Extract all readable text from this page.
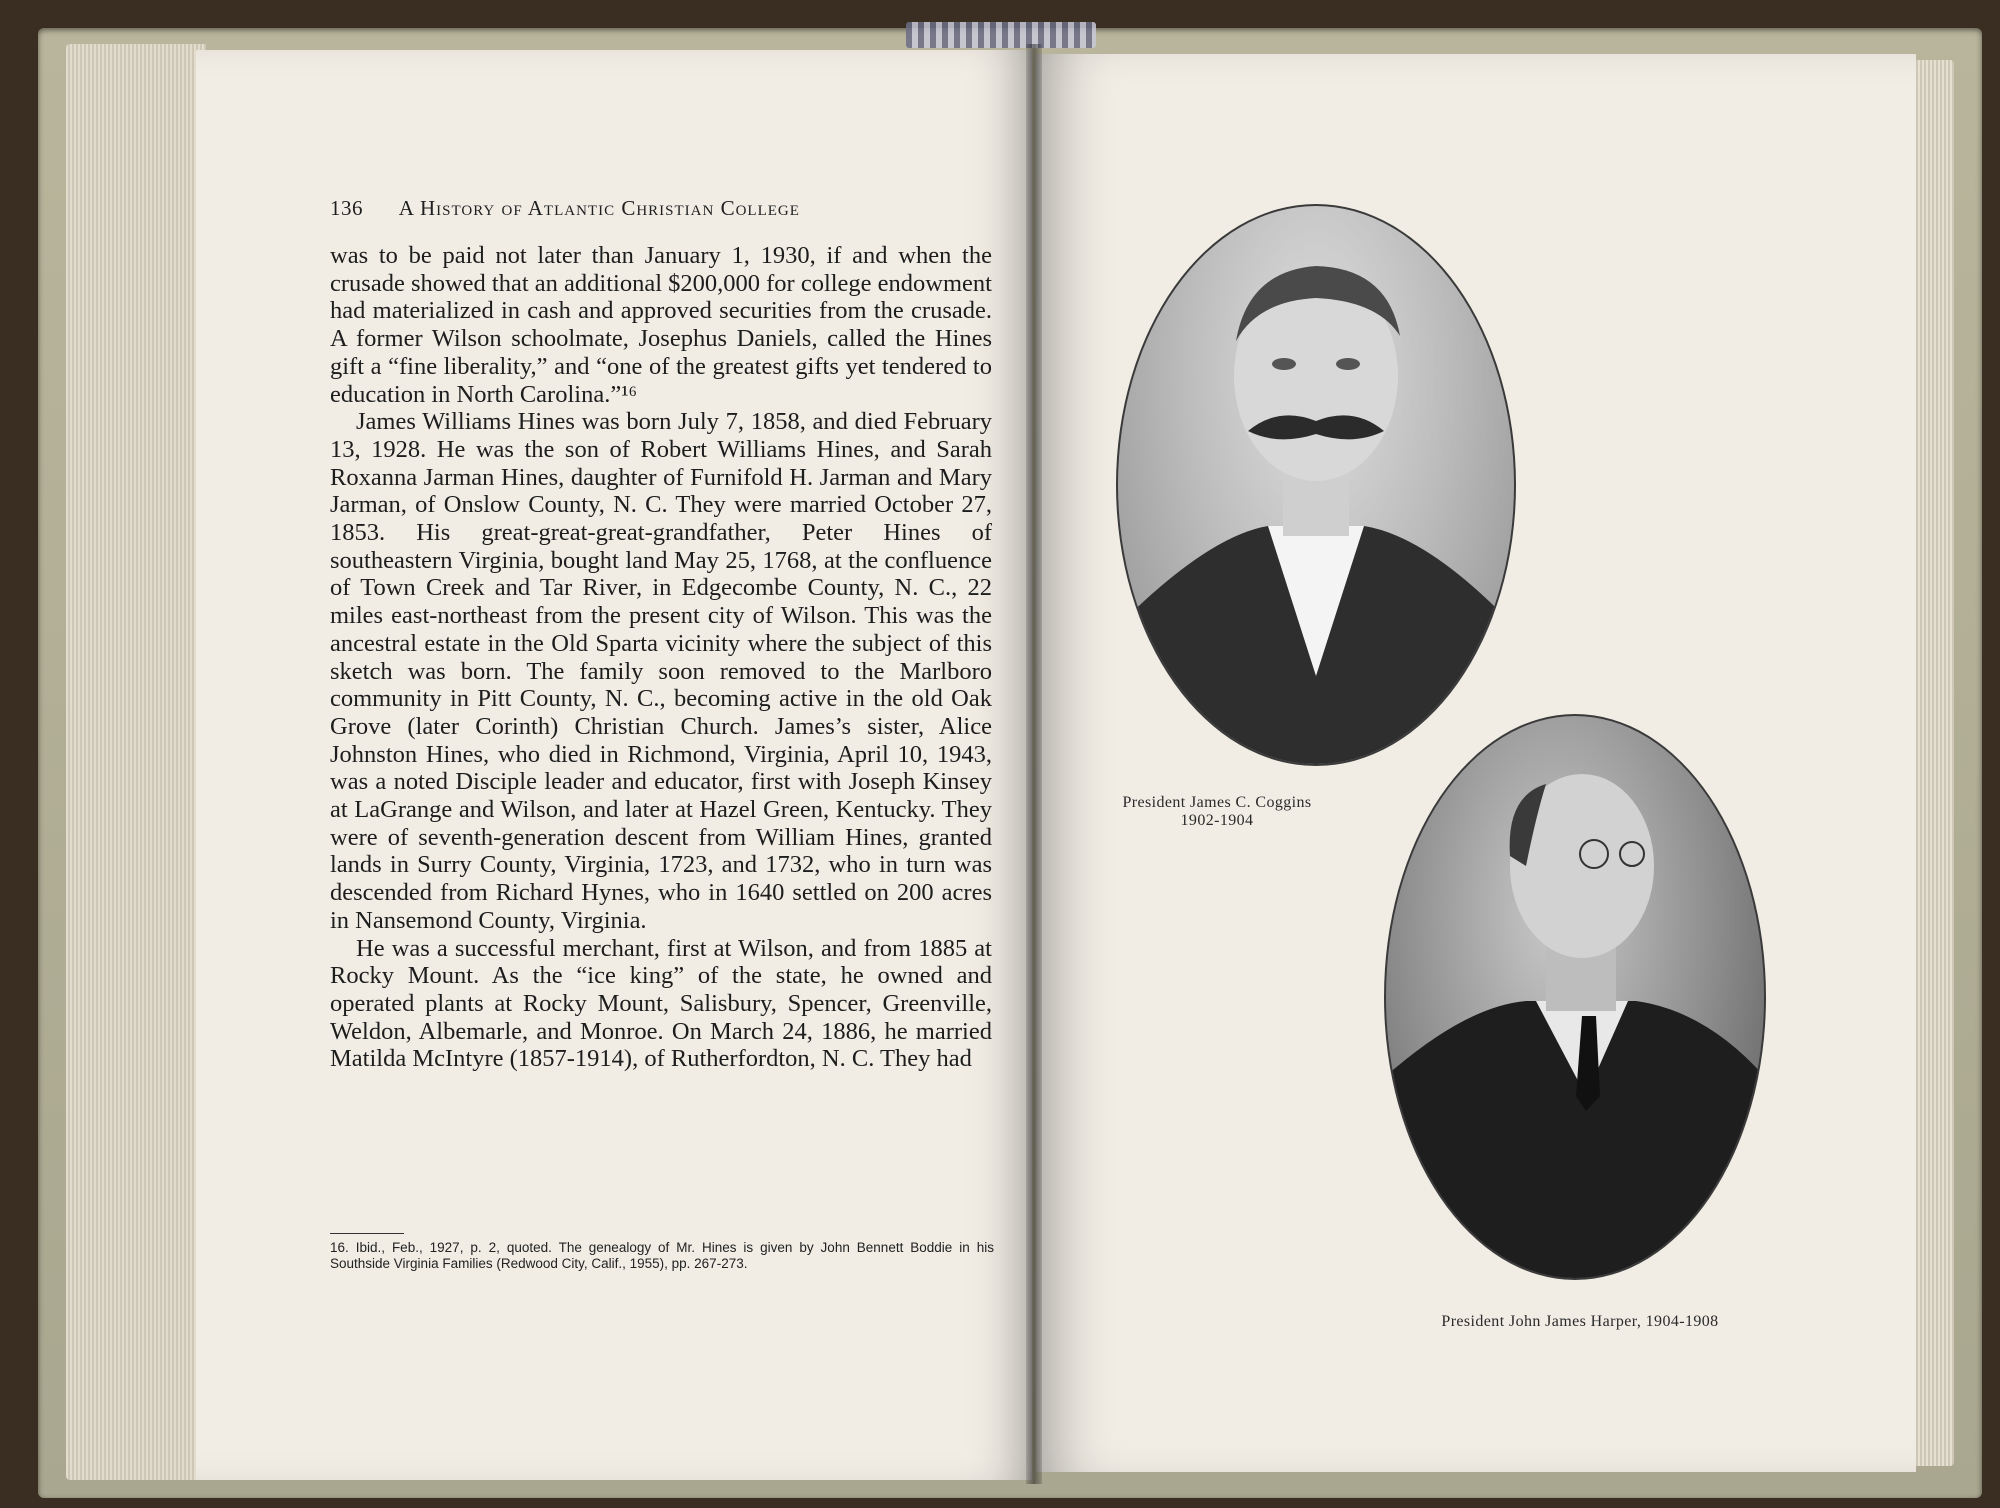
136 A History of Atlantic Christian College

was to be paid not later than January 1, 1930, if and when the crusade showed that an additional $200,000 for college endowment had materialized in cash and approved securities from the crusade. A former Wilson schoolmate, Josephus Daniels, called the Hines gift a “fine liberality,” and “one of the greatest gifts yet tendered to education in North Carolina.”¹⁶

James Williams Hines was born July 7, 1858, and died February 13, 1928. He was the son of Robert Williams Hines, and Sarah Roxanna Jarman Hines, daughter of Furnifold H. Jarman and Mary Jarman, of Onslow County, N. C. They were married October 27, 1853. His great-great-great-grandfather, Peter Hines of southeastern Virginia, bought land May 25, 1768, at the confluence of Town Creek and Tar River, in Edgecombe County, N. C., 22 miles east-northeast from the present city of Wilson. This was the ancestral estate in the Old Sparta vicinity where the subject of this sketch was born. The family soon removed to the Marlboro community in Pitt County, N. C., becoming active in the old Oak Grove (later Corinth) Christian Church. James’s sister, Alice Johnston Hines, who died in Richmond, Virginia, April 10, 1943, was a noted Disciple leader and educator, first with Joseph Kinsey at LaGrange and Wilson, and later at Hazel Green, Kentucky. They were of seventh-generation descent from William Hines, granted lands in Surry County, Virginia, 1723, and 1732, who in turn was descended from Richard Hynes, who in 1640 settled on 200 acres in Nansemond County, Virginia.

He was a successful merchant, first at Wilson, and from 1885 at Rocky Mount. As the “ice king” of the state, he owned and operated plants at Rocky Mount, Salisbury, Spencer, Greenville, Weldon, Albemarle, and Monroe. On March 24, 1886, he married Matilda McIntyre (1857-1914), of Rutherfordton, N. C. They had

16. Ibid., Feb., 1927, p. 2, quoted. The genealogy of Mr. Hines is given by John Bennett Boddie in his Southside Virginia Families (Redwood City, Calif., 1955), pp. 267-273.
President James C. Coggins
1902-1904
President John James Harper, 1904-1908
